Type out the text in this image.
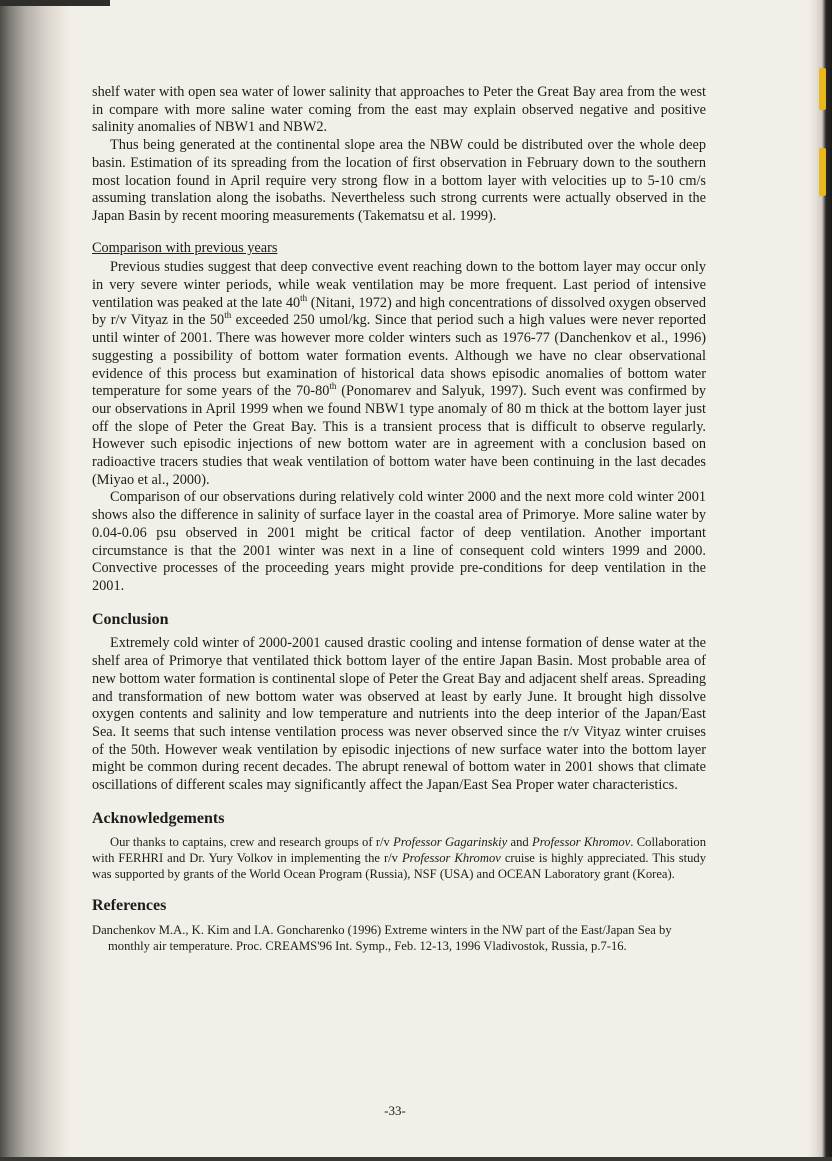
shelf water with open sea water of lower salinity that approaches to Peter the Great Bay area from the west in compare with more saline water coming from the east may explain observed negative and positive salinity anomalies of NBW1 and NBW2.

Thus being generated at the continental slope area the NBW could be distributed over the whole deep basin. Estimation of its spreading from the location of first observation in February down to the southern most location found in April require very strong flow in a bottom layer with velocities up to 5-10 cm/s assuming translation along the isobaths. Nevertheless such strong currents were actually observed in the Japan Basin by recent mooring measurements (Takematsu et al. 1999).

Comparison with previous years

Previous studies suggest that deep convective event reaching down to the bottom layer may occur only in very severe winter periods, while weak ventilation may be more frequent. Last period of intensive ventilation was peaked at the late 40th (Nitani, 1972) and high concentrations of dissolved oxygen observed by r/v Vityaz in the 50th exceeded 250 umol/kg. Since that period such a high values were never reported until winter of 2001. There was however more colder winters such as 1976-77 (Danchenkov et al., 1996) suggesting a possibility of bottom water formation events. Although we have no clear observational evidence of this process but examination of historical data shows episodic anomalies of bottom water temperature for some years of the 70-80th (Ponomarev and Salyuk, 1997). Such event was confirmed by our observations in April 1999 when we found NBW1 type anomaly of 80 m thick at the bottom layer just off the slope of Peter the Great Bay. This is a transient process that is difficult to observe regularly. However such episodic injections of new bottom water are in agreement with a conclusion based on radioactive tracers studies that weak ventilation of bottom water have been continuing in the last decades (Miyao et al., 2000).

Comparison of our observations during relatively cold winter 2000 and the next more cold winter 2001 shows also the difference in salinity of surface layer in the coastal area of Primorye. More saline water by 0.04-0.06 psu observed in 2001 might be critical factor of deep ventilation. Another important circumstance is that the 2001 winter was next in a line of consequent cold winters 1999 and 2000. Convective processes of the proceeding years might provide pre-conditions for deep ventilation in the 2001.

Conclusion

Extremely cold winter of 2000-2001 caused drastic cooling and intense formation of dense water at the shelf area of Primorye that ventilated thick bottom layer of the entire Japan Basin. Most probable area of new bottom water formation is continental slope of Peter the Great Bay and adjacent shelf areas. Spreading and transformation of new bottom water was observed at least by early June. It brought high dissolve oxygen contents and salinity and low temperature and nutrients into the deep interior of the Japan/East Sea. It seems that such intense ventilation process was never observed since the r/v Vityaz winter cruises of the 50th. However weak ventilation by episodic injections of new surface water into the bottom layer might be common during recent decades. The abrupt renewal of bottom water in 2001 shows that climate oscillations of different scales may significantly affect the Japan/East Sea Proper water characteristics.

Acknowledgements

Our thanks to captains, crew and research groups of r/v Professor Gagarinskiy and Professor Khromov. Collaboration with FERHRI and Dr. Yury Volkov in implementing the r/v Professor Khromov cruise is highly appreciated. This study was supported by grants of the World Ocean Program (Russia), NSF (USA) and OCEAN Laboratory grant (Korea).

References

Danchenkov M.A., K. Kim and I.A. Goncharenko (1996) Extreme winters in the NW part of the East/Japan Sea by monthly air temperature. Proc. CREAMS'96 Int. Symp., Feb. 12-13, 1996 Vladivostok, Russia, p.7-16.

-33-
